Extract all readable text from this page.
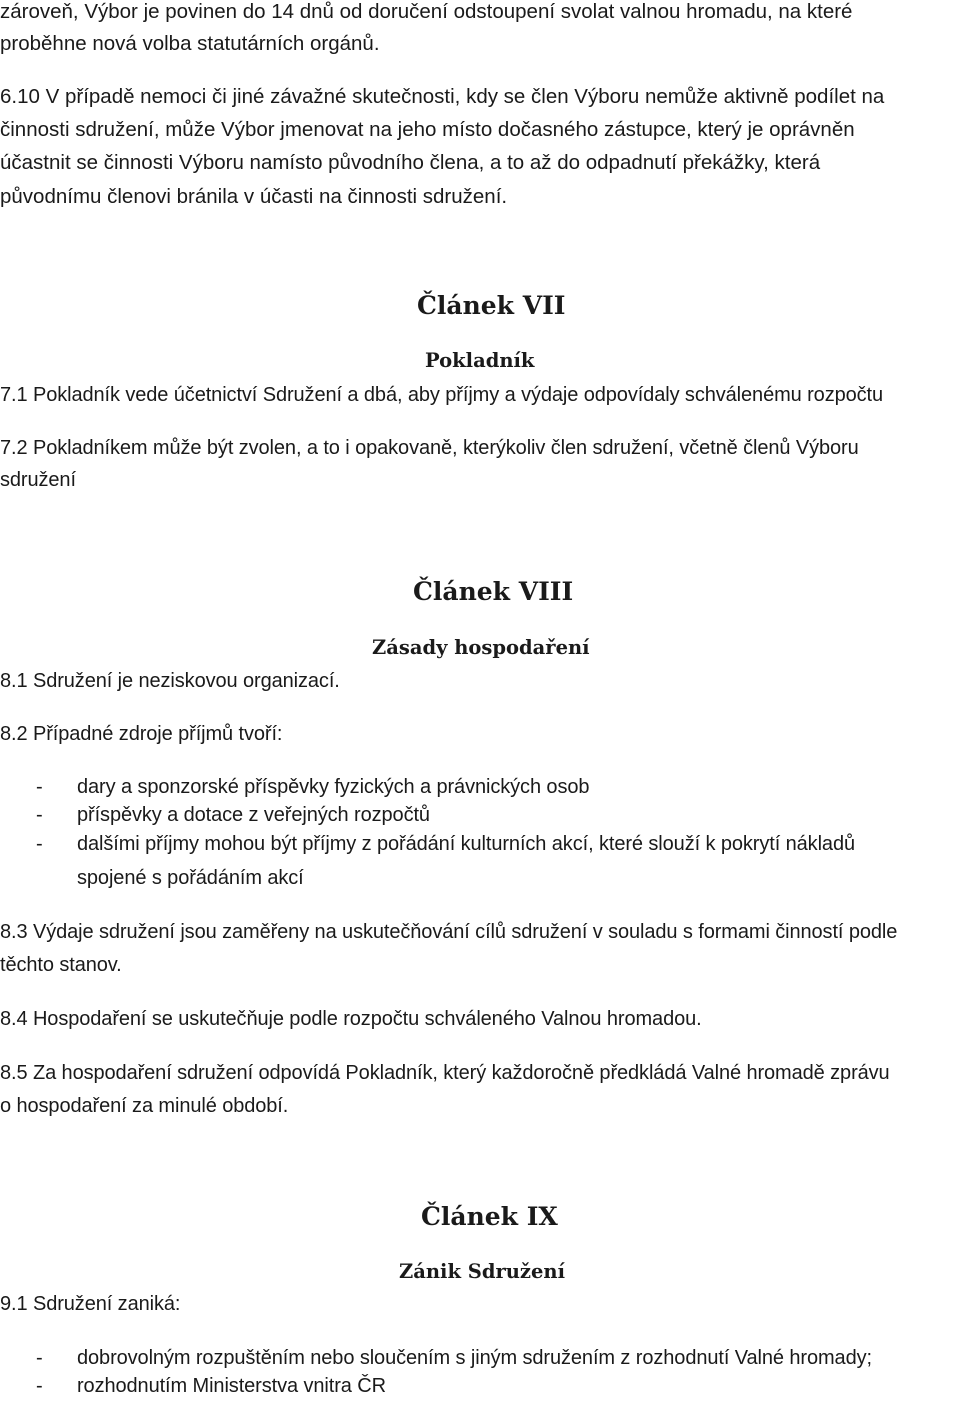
zároveň, Výbor je povinen do 14 dnů od doručení odstoupení svolat valnou hromadu, na které
proběhne nová volba statutárních orgánů.
6.10 V případě nemoci či jiné závažné skutečnosti, kdy se člen Výboru nemůže aktivně podílet na
činnosti sdružení, může Výbor jmenovat na jeho místo dočasného zástupce, který je oprávněn
účastnit se činnosti Výboru namísto původního člena, a to až do odpadnutí překážky, která
původnímu členovi bránila v účasti na činnosti sdružení.
Článek VII
Pokladník
7.1 Pokladník vede účetnictví Sdružení a dbá, aby příjmy a výdaje odpovídaly schválenému rozpočtu
7.2 Pokladníkem může být zvolen, a to i opakovaně, kterýkoliv člen sdružení, včetně členů Výboru
sdružení
Článek VIII
Zásady hospodaření
8.1 Sdružení je neziskovou organizací.
8.2 Případné zdroje příjmů tvoří:
- dary a sponzorské příspěvky fyzických a právnických osob
- příspěvky a dotace z veřejných rozpočtů
- dalšími příjmy mohou být příjmy z pořádání kulturních akcí, které slouží k pokrytí nákladů
spojené s pořádáním akcí
8.3 Výdaje sdružení jsou zaměřeny na uskutečňování cílů sdružení v souladu s formami činností podle
těchto stanov.
8.4 Hospodaření se uskutečňuje podle rozpočtu schváleného Valnou hromadou.
8.5 Za hospodaření sdružení odpovídá Pokladník, který každoročně předkládá Valné hromadě zprávu
o hospodaření za minulé období.
Článek IX
Zánik Sdružení
9.1 Sdružení zaniká:
- dobrovolným rozpuštěním nebo sloučením s jiným sdružením z rozhodnutí Valné hromady;
- rozhodnutím Ministerstva vnitra ČR
